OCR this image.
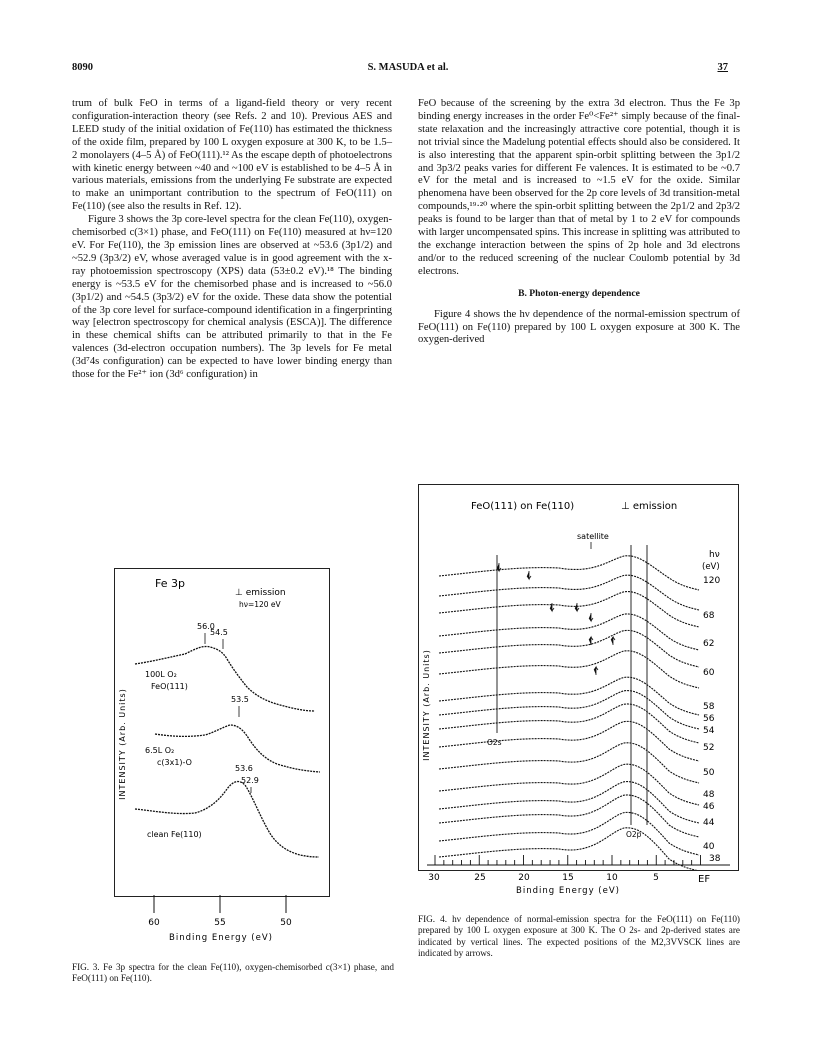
8090	S. MASUDA et al.	37

trum of bulk FeO in terms of a ligand-field theory or very recent configuration-interaction theory (see Refs. 2 and 10). Previous AES and LEED study of the initial oxidation of Fe(110) has estimated the thickness of the oxide film, prepared by 100 L oxygen exposure at 300 K, to be 1.5–2 monolayers (4–5 Å) of FeO(111).¹² As the escape depth of photoelectrons with kinetic energy between ~40 and ~100 eV is established to be 4–5 Å in various materials, emissions from the underlying Fe substrate are expected to make an unimportant contribution to the spectrum of FeO(111) on Fe(110) (see also the results in Ref. 12).

Figure 3 shows the 3p core-level spectra for the clean Fe(110), oxygen-chemisorbed c(3×1) phase, and FeO(111) on Fe(110) measured at hν=120 eV. For Fe(110), the 3p emission lines are observed at ~53.6 (3p1/2) and ~52.9 (3p3/2) eV, whose averaged value is in good agreement with the x-ray photoemission spectroscopy (XPS) data (53±0.2 eV).¹⁸ The binding energy is ~53.5 eV for the chemisorbed phase and is increased to ~56.0 (3p1/2) and ~54.5 (3p3/2) eV for the oxide. These data show the potential of the 3p core level for surface-compound identification in a fingerprinting way [electron spectroscopy for chemical analysis (ESCA)]. The difference in these chemical shifts can be attributed primarily to that in the Fe valences (3d-electron occupation numbers). The 3p levels for Fe metal (3d⁷4s configuration) can be expected to have lower binding energy than those for the Fe²⁺ ion (3d⁶ configuration) in

FeO because of the screening by the extra 3d electron. Thus the Fe 3p binding energy increases in the order Fe⁰<Fe²⁺ simply because of the final-state relaxation and the increasingly attractive core potential, though it is not trivial since the Madelung potential effects should also be considered. It is also interesting that the apparent spin-orbit splitting between the 3p1/2 and 3p3/2 peaks varies for different Fe valences. It is estimated to be ~0.7 eV for the metal and is increased to ~1.5 eV for the oxide. Similar phenomena have been observed for the 2p core levels of 3d transition-metal compounds,¹⁹·²⁰ where the spin-orbit splitting between the 2p1/2 and 2p3/2 peaks is found to be larger than that of metal by 1 to 2 eV for compounds with larger uncompensated spins. This increase in splitting was attributed to the exchange interaction between the spins of 2p hole and 3d electrons and/or to the reduced screening of the nuclear Coulomb potential by 3d electrons.

B. Photon-energy dependence

Figure 4 shows the hν dependence of the normal-emission spectrum of FeO(111) on Fe(110) prepared by 100 L oxygen exposure at 300 K. The oxygen-derived

Fe 3p
⊥ emission
hν=120 eV
INTENSITY (Arb. Units)
56.0
54.5
100L O₂
FeO(111)
53.5
6.5L O₂
c(3x1)-O
53.6
52.9
clean Fe(110)
60	55	50
Binding Energy (eV)
FeO(111) on Fe(110)	⊥ emission
satellite
hν
(eV)
INTENSITY (Arb. Units)	O2s
O2p
120
68
62
60
58
56
54
52
50
48
46
44
40
38
30	25	20	15	10	5	EF
Binding Energy (eV)
FIG. 3. Fe 3p spectra for the clean Fe(110), oxygen-chemisorbed c(3×1) phase, and FeO(111) on Fe(110).
FIG. 4. hν dependence of normal-emission spectra for the FeO(111) on Fe(110) prepared by 100 L oxygen exposure at 300 K. The O 2s- and 2p-derived states are indicated by vertical lines. The expected positions of the M2,3VVSCK lines are indicated by arrows.
